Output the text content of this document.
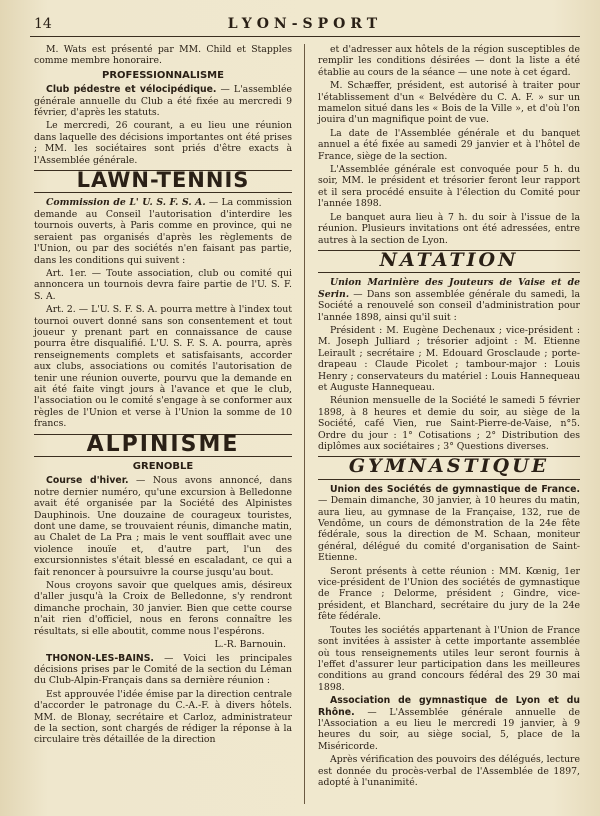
14	LYON-SPORT

M. Wats est présenté par MM. Child et Stapples comme membre honoraire.

PROFESSIONNALISME

Club pédestre et vélocipédique. — L'assemblée générale annuelle du Club a été fixée au mercredi 9 février, d'après les statuts.

Le mercredi, 26 courant, a eu lieu une réunion dans laquelle des décisions importantes ont été prises ; MM. les sociétaires sont priés d'être exacts à l'Assemblée générale.

LAWN-TENNIS

Commission de L' U. S. F. S. A. — La commission demande au Conseil l'autorisation d'interdire les tournois ouverts, à Paris comme en province, qui ne seraient pas organisés d'après les règlements de l'Union, ou par des sociétés n'en faisant pas partie, dans les conditions qui suivent :

Art. 1er. — Toute association, club ou comité qui annoncera un tournois devra faire partie de l'U. S. F. S. A.

Art. 2. — L'U. S. F. S. A. pourra mettre à l'index tout tournoi ouvert donné sans son consentement et tout joueur y prenant part en connaissance de cause pourra être disqualifié. L'U. S. F. S. A. pourra, après renseignements complets et satisfaisants, accorder aux clubs, associations ou comités l'autorisation de tenir une réunion ouverte, pourvu que la demande en ait été faite vingt jours à l'avance et que le club, l'association ou le comité s'engage à se conformer aux règles de l'Union et verse à l'Union la somme de 10 francs.

ALPINISME
GRENOBLE

Course d'hiver. — Nous avons annoncé, dans notre dernier numéro, qu'une excursion à Belledonne avait été organisée par la Société des Alpinistes Dauphinois. Une douzaine de courageux touristes, dont une dame, se trouvaient réunis, dimanche matin, au Chalet de La Pra ; mais le vent soufflait avec une violence inouïe et, d'autre part, l'un des excursionnistes s'était blessé en escaladant, ce qui a fait renoncer à poursuivre la course jusqu'au bout.

Nous croyons savoir que quelques amis, désireux d'aller jusqu'à la Croix de Belledonne, s'y rendront dimanche prochain, 30 janvier. Bien que cette course n'ait rien d'officiel, nous en ferons connaître les résultats, si elle aboutit, comme nous l'espérons.

L.-R. Barnouin.

THONON-LES-BAINS. — Voici les principales décisions prises par le Comité de la section du Léman du Club-Alpin-Français dans sa dernière réunion :

Est approuvée l'idée émise par la direction centrale d'accorder le patronage du C.-A.-F. à divers hôtels. MM. de Blonay, secrétaire et Carloz, administrateur de la section, sont chargés de rédiger la réponse à la circulaire très détaillée de la direction

et d'adresser aux hôtels de la région susceptibles de remplir les conditions désirées — dont la liste a été établie au cours de la séance — une note à cet égard.

M. Schæffer, président, est autorisé à traiter pour l'établissement d'un « Belvédère du C. A. F. » sur un mamelon situé dans les « Bois de la Ville », et d'où l'on jouira d'un magnifique point de vue.

La date de l'Assemblée générale et du banquet annuel a été fixée au samedi 29 janvier et à l'hôtel de France, siège de la section.

L'Assemblée générale est convoquée pour 5 h. du soir, MM. le président et trésorier feront leur rapport et il sera procédé ensuite à l'élection du Comité pour l'année 1898.

Le banquet aura lieu à 7 h. du soir à l'issue de la réunion. Plusieurs invitations ont été adressées, entre autres à la section de Lyon.

NATATION

Union Marinière des Jouteurs de Vaise et de Serin. — Dans son assemblée générale du samedi, la Société a renouvelé son conseil d'administration pour l'année 1898, ainsi qu'il suit :

Président : M. Eugène Dechenaux ; vice-président : M. Joseph Julliard ; trésorier adjoint : M. Etienne Leirault ; secrétaire ; M. Edouard Grosclaude ; porte-drapeau : Claude Picolet ; tambour-major : Louis Henry ; conservateurs du matériel : Louis Hannequeau et Auguste Hannequeau.

Réunion mensuelle de la Société le samedi 5 février 1898, à 8 heures et demie du soir, au siège de la Société, café Vien, rue Saint-Pierre-de-Vaise, n°5. Ordre du jour : 1° Cotisations ; 2° Distribution des diplômes aux sociétaires ; 3° Questions diverses.

GYMNASTIQUE

Union des Sociétés de gymnastique de France. — Demain dimanche, 30 janvier, à 10 heures du matin, aura lieu, au gymnase de la Française, 132, rue de Vendôme, un cours de démonstration de la 24e fête fédérale, sous la direction de M. Schaan, moniteur général, délégué du comité d'organisation de Saint-Etienne.

Seront présents à cette réunion : MM. Kœnig, 1er vice-président de l'Union des sociétés de gymnastique de France ; Delorme, président ; Gindre, vice-président, et Blanchard, secrétaire du jury de la 24e fête fédérale.

Toutes les sociétés appartenant à l'Union de France sont invitées à assister à cette importante assemblée où tous renseignements utiles leur seront fournis à l'effet d'assurer leur participation dans les meilleures conditions au grand concours fédéral des 29 30 mai 1898.

Association de gymnastique de Lyon et du Rhône. — L'Assemblée générale annuelle de l'Association a eu lieu le mercredi 19 janvier, à 9 heures du soir, au siège social, 5, place de la Miséricorde.

Après vérification des pouvoirs des délégués, lecture est donnée du procès-verbal de l'Assemblée de 1897, adopté à l'unanimité.
